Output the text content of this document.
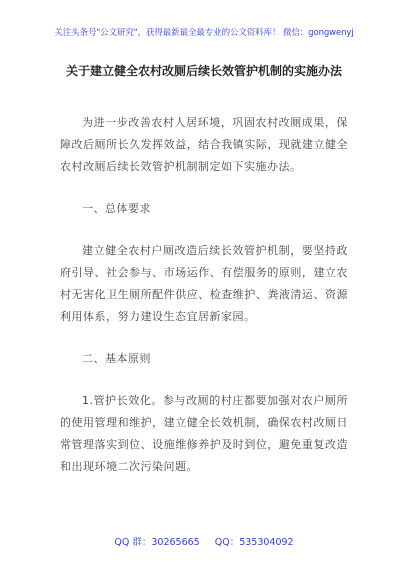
关注头条号"公文研究"，获得最新最全最专业的公文资料库！ 微信：gongwenyj
关于建立健全农村改厕后续长效管护机制的实施办法

为进一步改善农村人居环境，巩固农村改厕成果，保障改后厕所长久发挥效益，结合我镇实际，现就建立健全农村改厕后续长效管护机制制定如下实施办法。

一、总体要求

建立健全农村户厕改造后续长效管护机制，要坚持政府引导、社会参与、市场运作、有偿服务的原则，建立农村无害化卫生厕所配件供应、检查维护、粪液清运、资源利用体系，努力建设生态宜居新家园。

二、基本原则

1.管护长效化。参与改厕的村庄都要加强对农户厕所的使用管理和维护，建立健全长效机制，确保农村改厕日常管理落实到位、设施维修养护及时到位，避免重复改造和出现环境二次污染问题。

QQ 群：30265665 QQ：535304092
